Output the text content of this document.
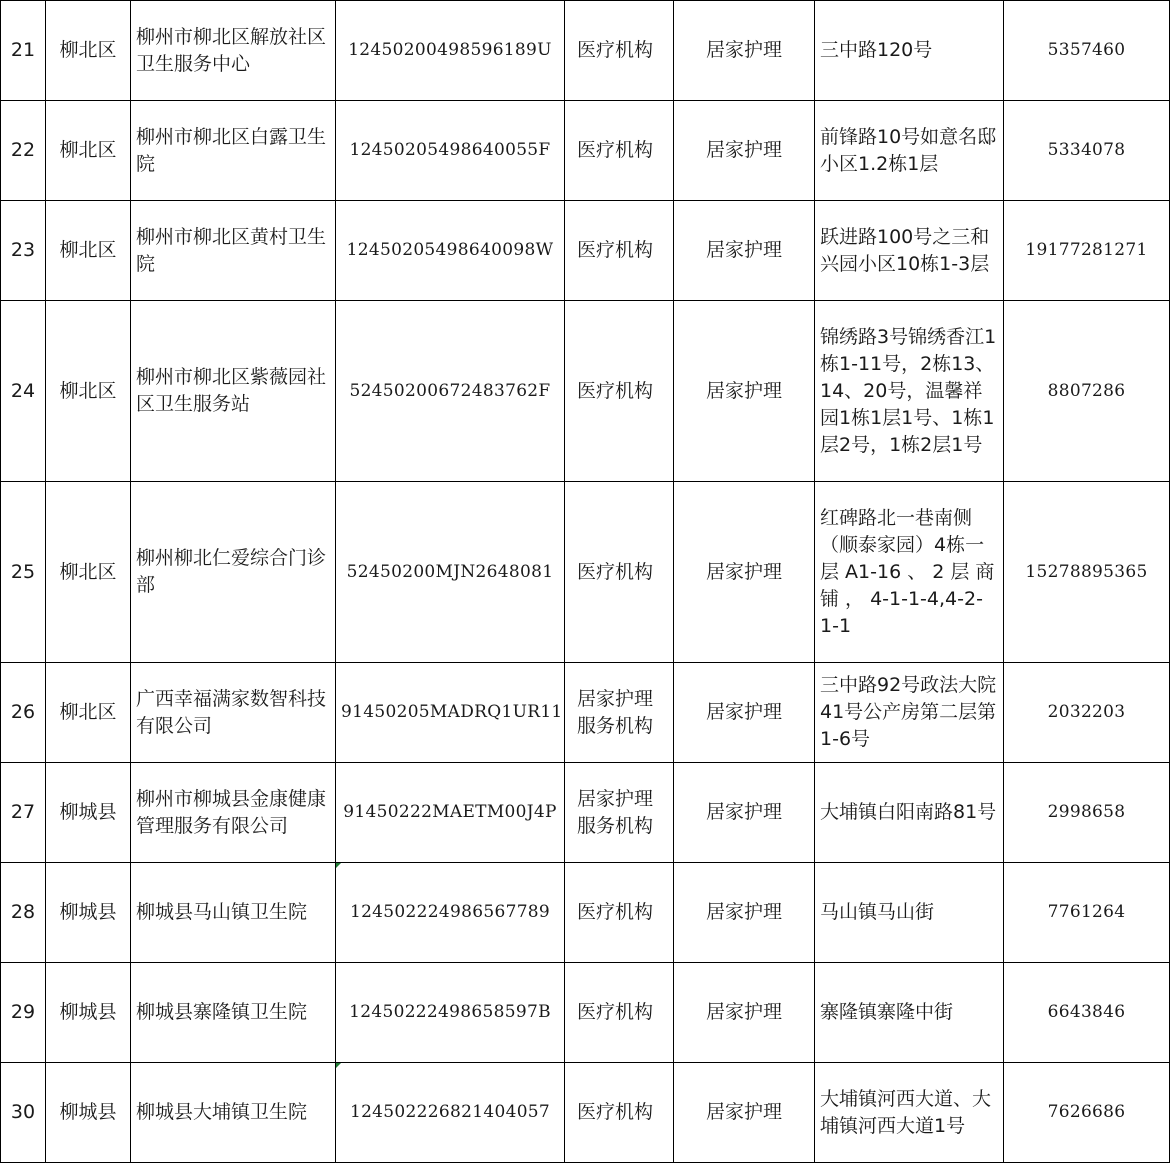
21	柳北区	柳州市柳北区解放社区卫生服务中心	12450200498596189U	医疗机构	居家护理	三中路120号	5357460
22	柳北区	柳州市柳北区白露卫生院	12450205498640055F	医疗机构	居家护理	前锋路10号如意名邸小区1.2栋1层	5334078
23	柳北区	柳州市柳北区黄村卫生院	12450205498640098W	医疗机构	居家护理	跃进路100号之三和兴园小区10栋1-3层	19177281271
24	柳北区	柳州市柳北区紫薇园社区卫生服务站	52450200672483762F	医疗机构	居家护理	锦绣路3号锦绣香江1栋1-11号，2栋13、14、20号，温馨祥园1栋1层1号、1栋1层2号，1栋2层1号	8807286
25	柳北区	柳州柳北仁爱综合门诊部	52450200MJN2648081	医疗机构	居家护理	红碑路北一巷南侧（顺泰家园）4栋一层 A1-16 、 2 层 商 铺 ， 4-1-1-4,4-2-1-1	15278895365
26	柳北区	广西幸福满家数智科技有限公司	91450205MADRQ1UR11	居家护理服务机构	居家护理	三中路92号政法大院41号公产房第二层第1-6号	2032203
27	柳城县	柳州市柳城县金康健康管理服务有限公司	91450222MAETM00J4P	居家护理服务机构	居家护理	大埔镇白阳南路81号	2998658
28	柳城县	柳城县马山镇卫生院	124502224986567789	医疗机构	居家护理	马山镇马山街	7761264
29	柳城县	柳城县寨隆镇卫生院	12450222498658597B	医疗机构	居家护理	寨隆镇寨隆中街	6643846
30	柳城县	柳城县大埔镇卫生院	124502226821404057	医疗机构	居家护理	大埔镇河西大道、大埔镇河西大道1号	7626686
